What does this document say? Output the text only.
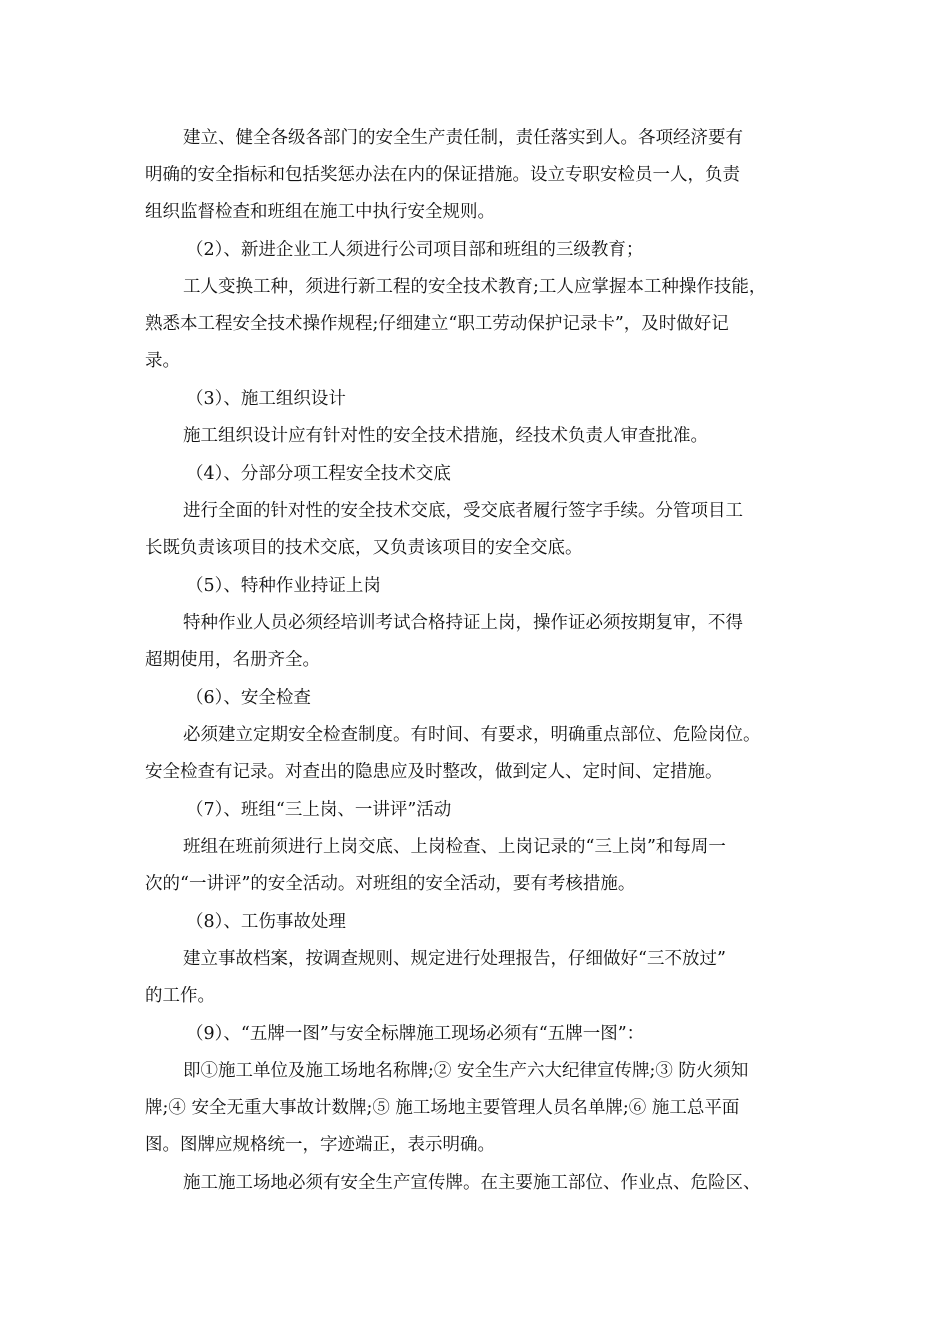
建立、健全各级各部门的安全生产责任制，责任落实到人。各项经济要有
明确的安全指标和包括奖惩办法在内的保证措施。设立专职安检员一人，负责
组织监督检查和班组在施工中执行安全规则。
（2）、新进企业工人须进行公司项目部和班组的三级教育；
工人变换工种，须进行新工程的安全技术教育;工人应掌握本工种操作技能，
熟悉本工程安全技术操作规程;仔细建立“职工劳动保护记录卡”，及时做好记
录。
（3）、施工组织设计
施工组织设计应有针对性的安全技术措施，经技术负责人审查批准。
（4）、分部分项工程安全技术交底
进行全面的针对性的安全技术交底，受交底者履行签字手续。分管项目工
长既负责该项目的技术交底，又负责该项目的安全交底。
（5）、特种作业持证上岗
特种作业人员必须经培训考试合格持证上岗，操作证必须按期复审，不得
超期使用，名册齐全。
（6）、安全检查
必须建立定期安全检查制度。有时间、有要求，明确重点部位、危险岗位。
安全检查有记录。对查出的隐患应及时整改，做到定人、定时间、定措施。
（7）、班组“三上岗、一讲评”活动
班组在班前须进行上岗交底、上岗检查、上岗记录的“三上岗”和每周一
次的“一讲评”的安全活动。对班组的安全活动，要有考核措施。
（8）、工伤事故处理
建立事故档案，按调查规则、规定进行处理报告，仔细做好“三不放过”
的工作。
（9）、“五牌一图”与安全标牌施工现场必须有“五牌一图”：
即①施工单位及施工场地名称牌;② 安全生产六大纪律宣传牌;③ 防火须知
牌;④ 安全无重大事故计数牌;⑤ 施工场地主要管理人员名单牌;⑥ 施工总平面
图。图牌应规格统一，字迹端正，表示明确。
施工施工场地必须有安全生产宣传牌。在主要施工部位、作业点、危险区、
